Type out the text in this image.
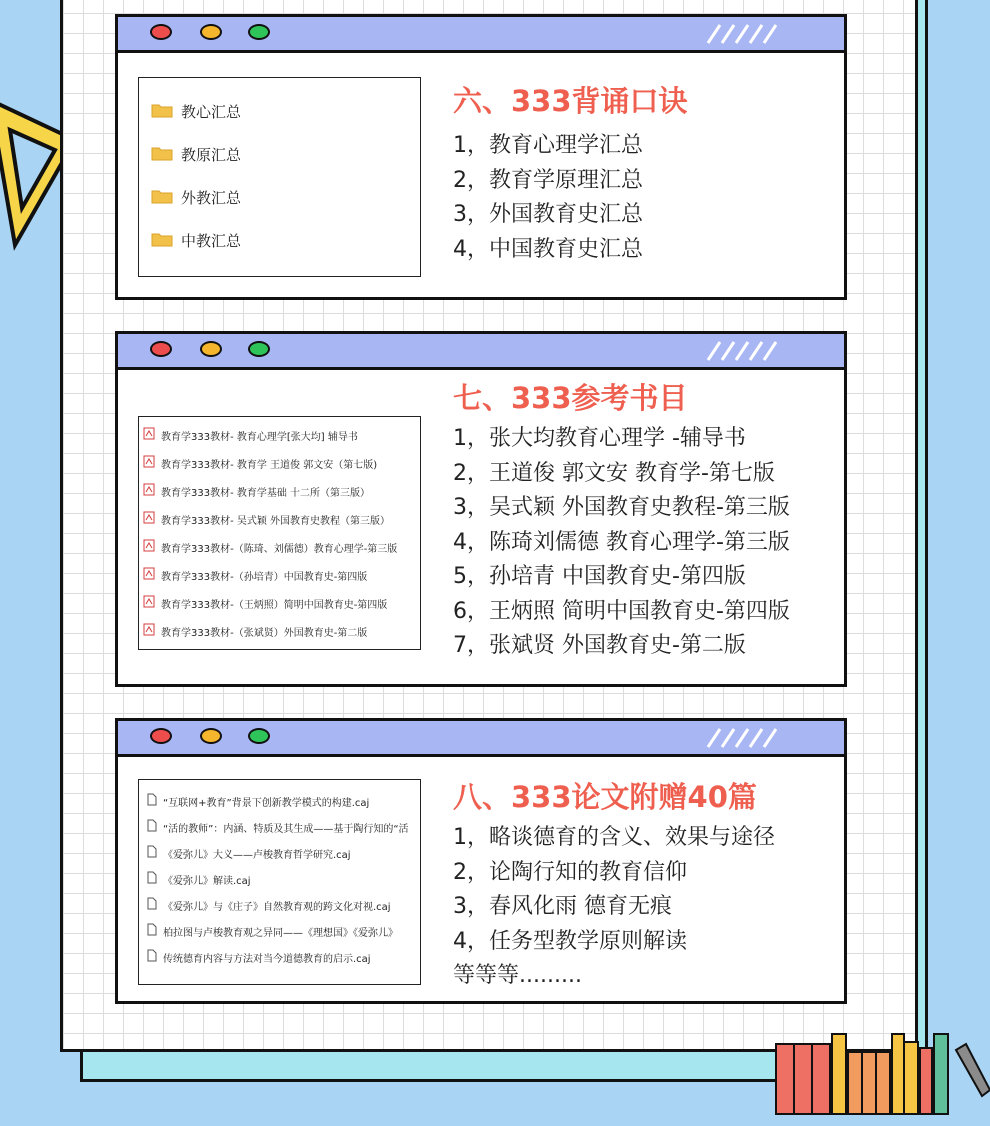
教心汇总
教原汇总
外教汇总
中教汇总
六、333背诵口诀
1，教育心理学汇总
2，教育学原理汇总
3，外国教育史汇总
4，中国教育史汇总
教育学333教材- 教育心理学[张大均] 辅导书
教育学333教材- 教育学 王道俊 郭文安（第七版)
教育学333教材- 教育学基础 十二所（第三版）
教育学333教材- 吴式颖 外国教育史教程（第三版）
教育学333教材-（陈琦、刘儒德）教育心理学-第三版
教育学333教材-（孙培青）中国教育史-第四版
教育学333教材-（王炳照）简明中国教育史-第四版
教育学333教材-（张斌贤）外国教育史-第二版
七、333参考书目
1，张大均教育心理学 -辅导书
2，王道俊 郭文安 教育学-第七版
3，吴式颖 外国教育史教程-第三版
4，陈琦刘儒德 教育心理学-第三版
5，孙培青 中国教育史-第四版
6，王炳照 简明中国教育史-第四版
7，张斌贤 外国教育史-第二版
“互联网+教育”背景下创新教学模式的构建.caj
“活的教师”：内涵、特质及其生成——基于陶行知的“活
《爱弥儿》大义——卢梭教育哲学研究.caj
《爱弥儿》解读.caj
《爱弥儿》与《庄子》自然教育观的跨文化对视.caj
柏拉图与卢梭教育观之异同——《理想国》《爱弥儿》
传统德育内容与方法对当今道德教育的启示.caj
八、333论文附赠40篇
1，略谈德育的含义、效果与途径
2，论陶行知的教育信仰
3，春风化雨 德育无痕
4，任务型教学原则解读
等等等.........
